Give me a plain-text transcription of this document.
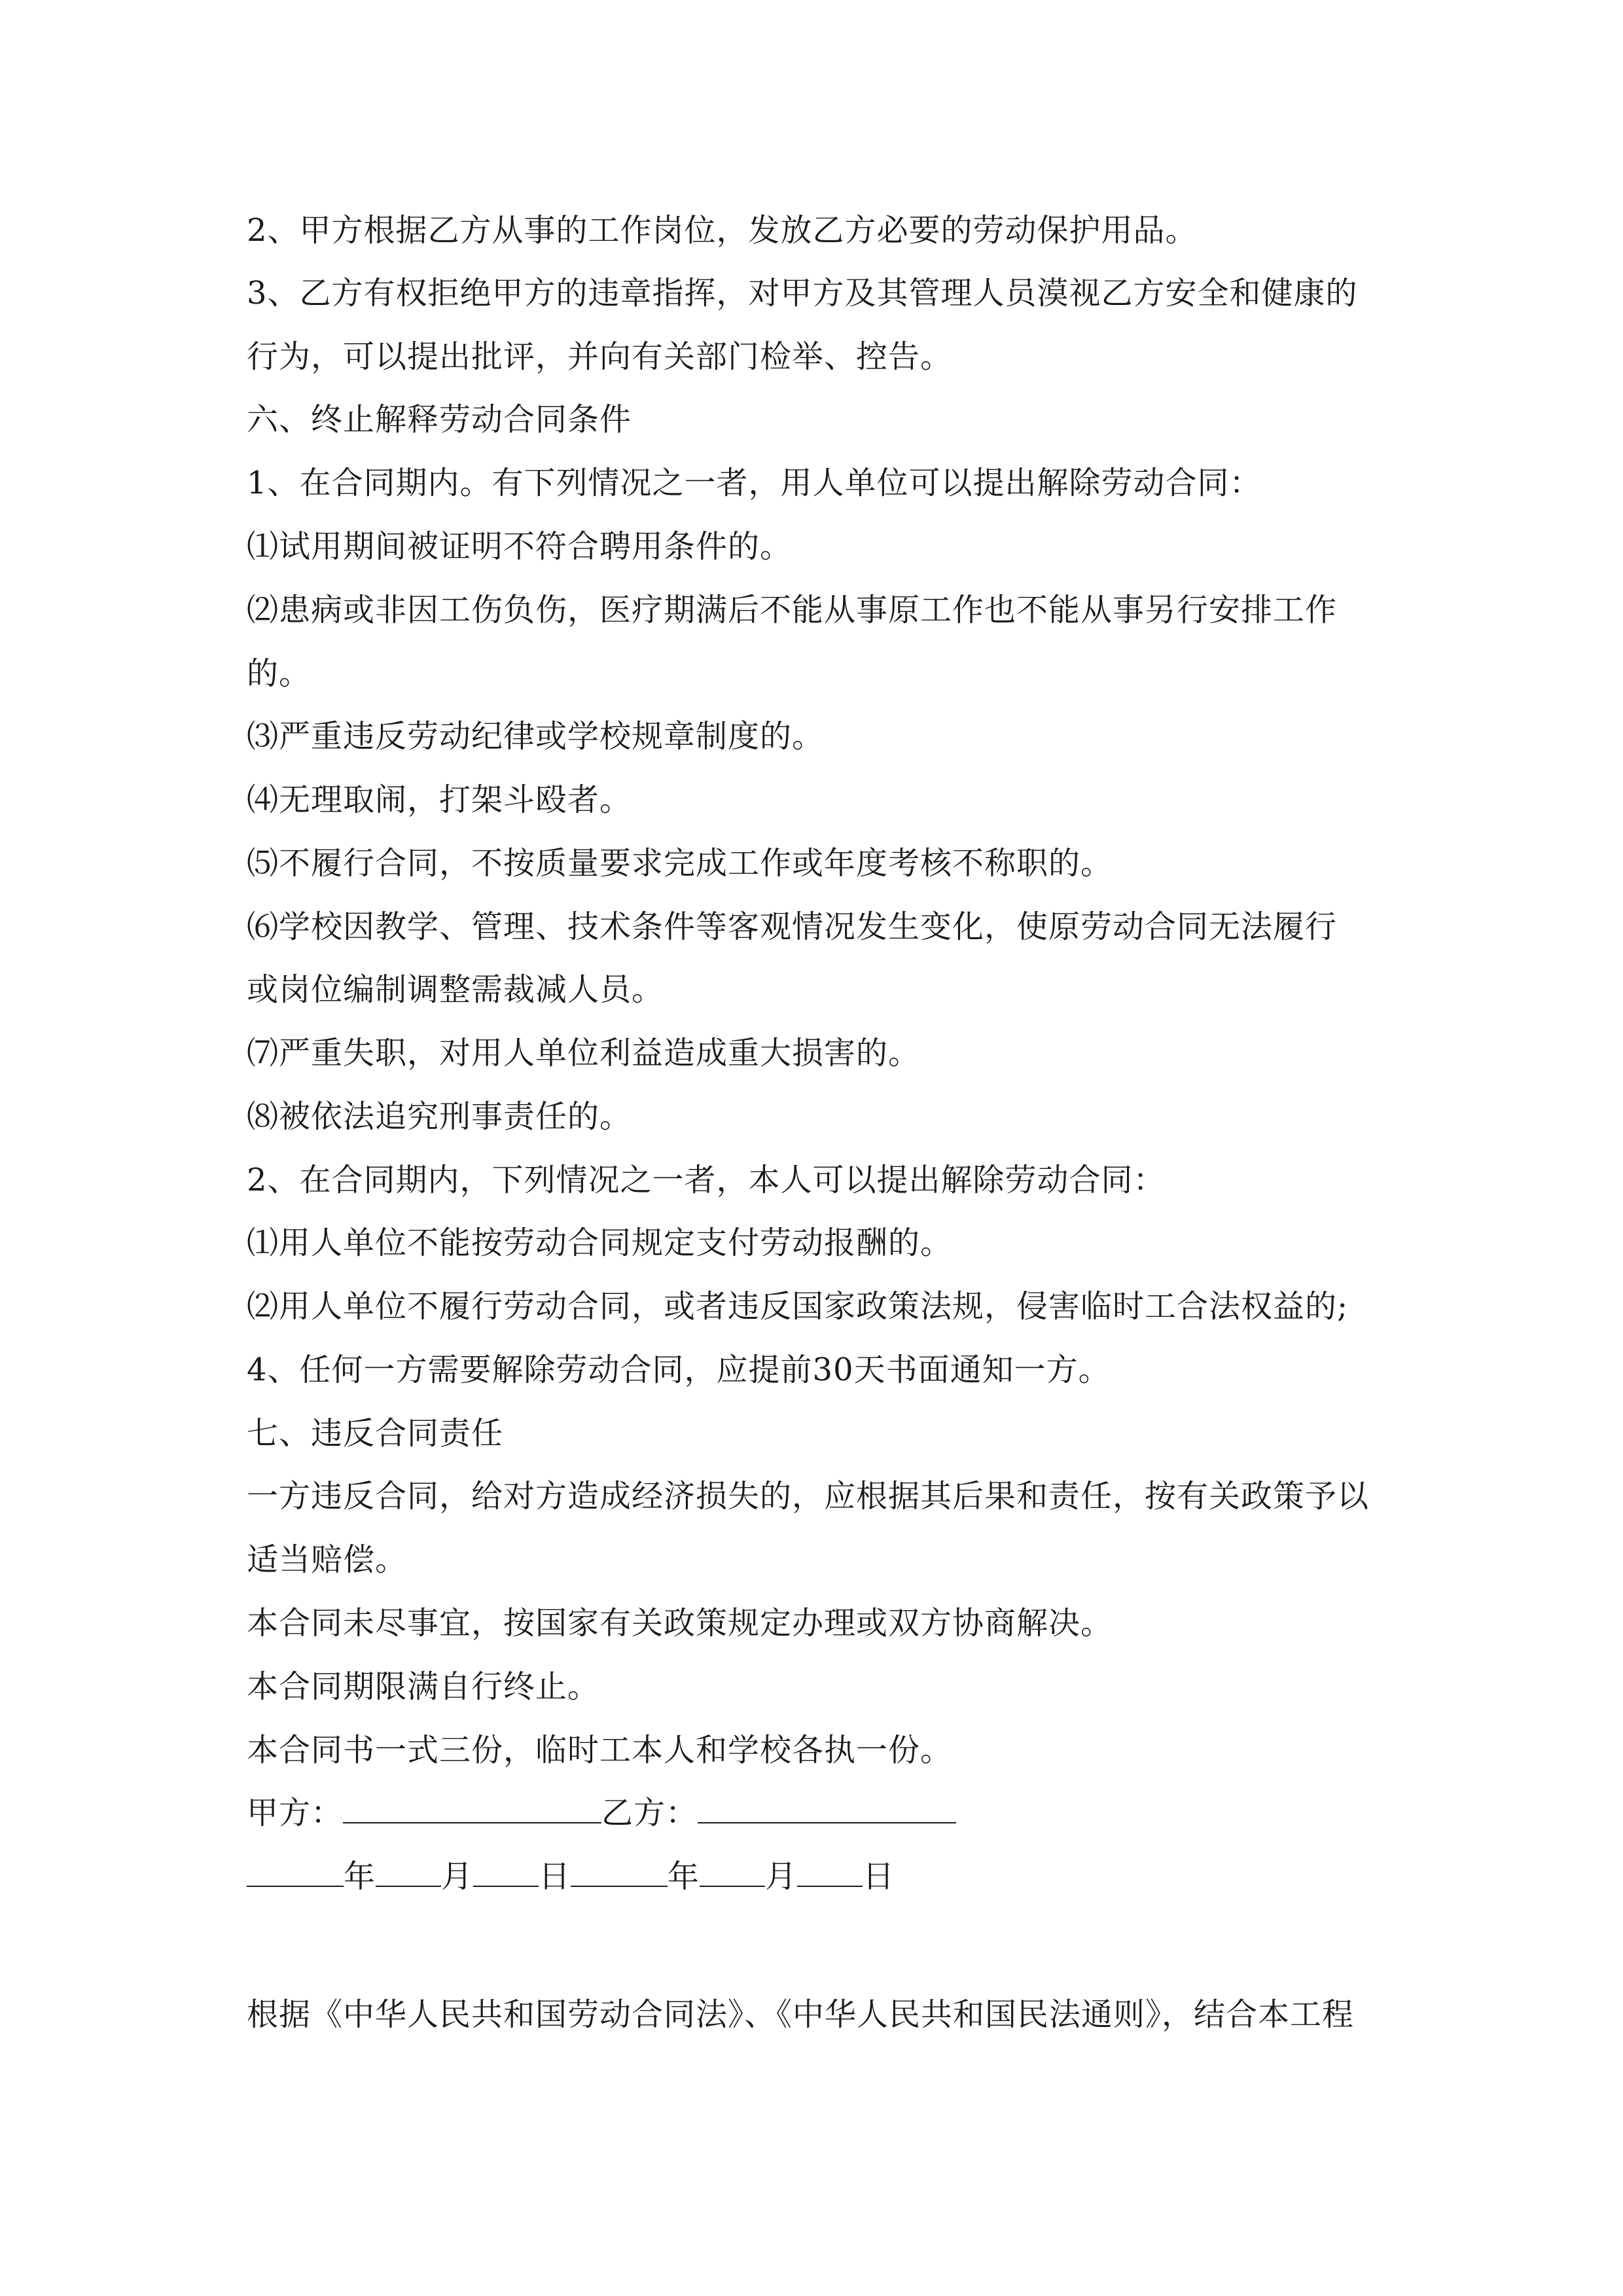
2、甲方根据乙方从事的工作岗位，发放乙方必要的劳动保护用品。
3、乙方有权拒绝甲方的违章指挥，对甲方及其管理人员漠视乙方安全和健康的
行为，可以提出批评，并向有关部门检举、控告。
六、终止解释劳动合同条件
1、在合同期内。有下列情况之一者，用人单位可以提出解除劳动合同：
⑴试用期间被证明不符合聘用条件的。
⑵患病或非因工伤负伤，医疗期满后不能从事原工作也不能从事另行安排工作
的。
⑶严重违反劳动纪律或学校规章制度的。
⑷无理取闹，打架斗殴者。
⑸不履行合同，不按质量要求完成工作或年度考核不称职的。
⑹学校因教学、管理、技术条件等客观情况发生变化，使原劳动合同无法履行
或岗位编制调整需裁减人员。
⑺严重失职，对用人单位利益造成重大损害的。
⑻被依法追究刑事责任的。
2、在合同期内，下列情况之一者，本人可以提出解除劳动合同：
⑴用人单位不能按劳动合同规定支付劳动报酬的。
⑵用人单位不履行劳动合同，或者违反国家政策法规，侵害临时工合法权益的;
4、任何一方需要解除劳动合同，应提前30天书面通知一方。
七、违反合同责任
一方违反合同，给对方造成经济损失的，应根据其后果和责任，按有关政策予以
适当赔偿。
本合同未尽事宜，按国家有关政策规定办理或双方协商解决。
本合同期限满自行终止。
本合同书一式三份，临时工本人和学校各执一份。
甲方：	乙方：
年 月 日	年 月 日
根据《中华人民共和国劳动合同法》、《中华人民共和国民法通则》，结合本工程
